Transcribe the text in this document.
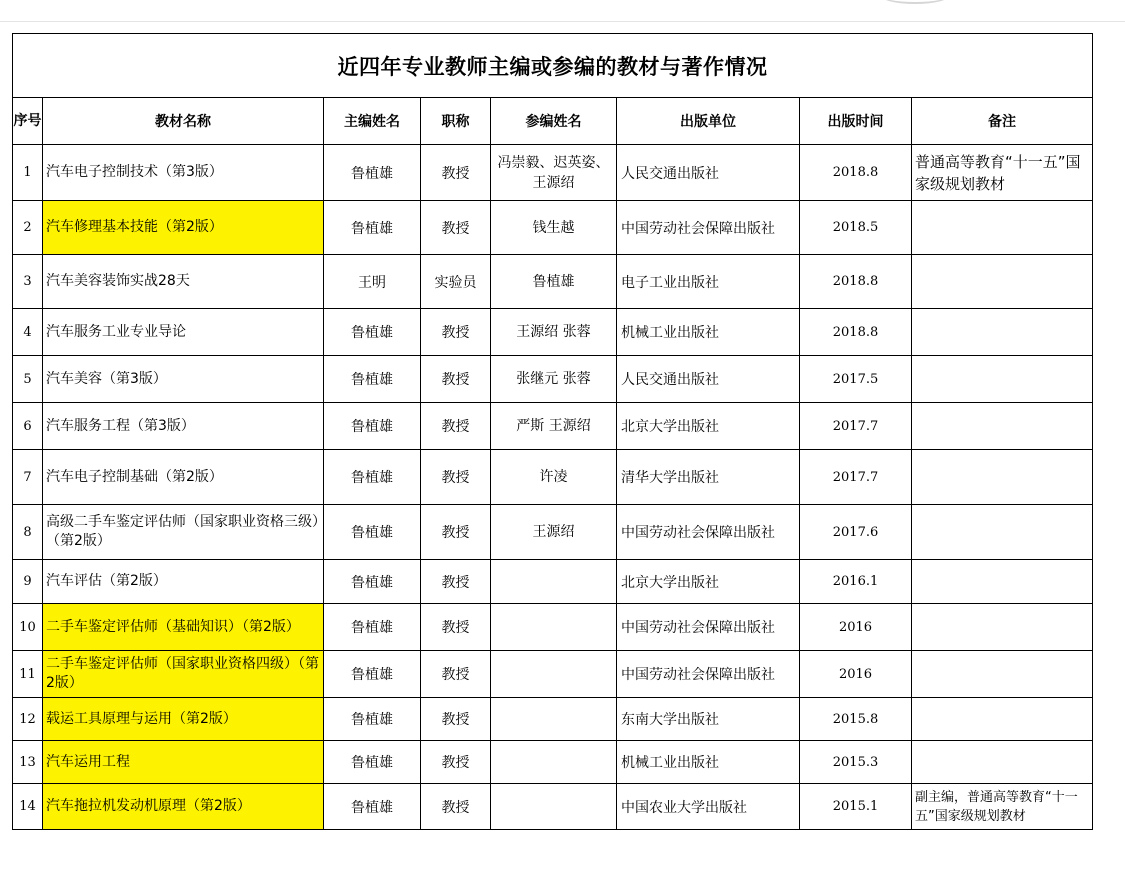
近四年专业教师主编或参编的教材与著作情况							
序号	教材名称	主编姓名	职称	参编姓名	出版单位	出版时间	备注
1	汽车电子控制技术（第3版）	鲁植雄	教授	冯崇毅、迟英姿、王源绍	人民交通出版社	2018.8	普通高等教育“十一五”国家级规划教材
2	汽车修理基本技能（第2版）	鲁植雄	教授	钱生越	中国劳动社会保障出版社	2018.5	
3	汽车美容装饰实战28天	王明	实验员	鲁植雄	电子工业出版社	2018.8	
4	汽车服务工业专业导论	鲁植雄	教授	王源绍 张蓉	机械工业出版社	2018.8	
5	汽车美容（第3版）	鲁植雄	教授	张继元 张蓉	人民交通出版社	2017.5	
6	汽车服务工程（第3版）	鲁植雄	教授	严斯 王源绍	北京大学出版社	2017.7	
7	汽车电子控制基础（第2版）	鲁植雄	教授	许凌	清华大学出版社	2017.7	
8	高级二手车鉴定评估师（国家职业资格三级）（第2版）	鲁植雄	教授	王源绍	中国劳动社会保障出版社	2017.6	
9	汽车评估（第2版）	鲁植雄	教授		北京大学出版社	2016.1	
10	二手车鉴定评估师（基础知识）（第2版）	鲁植雄	教授		中国劳动社会保障出版社	2016	
11	二手车鉴定评估师（国家职业资格四级）（第2版）	鲁植雄	教授		中国劳动社会保障出版社	2016	
12	载运工具原理与运用（第2版）	鲁植雄	教授		东南大学出版社	2015.8	
13	汽车运用工程	鲁植雄	教授		机械工业出版社	2015.3	
14	汽车拖拉机发动机原理（第2版）	鲁植雄	教授		中国农业大学出版社	2015.1	副主编，普通高等教育“十一五”国家级规划教材
